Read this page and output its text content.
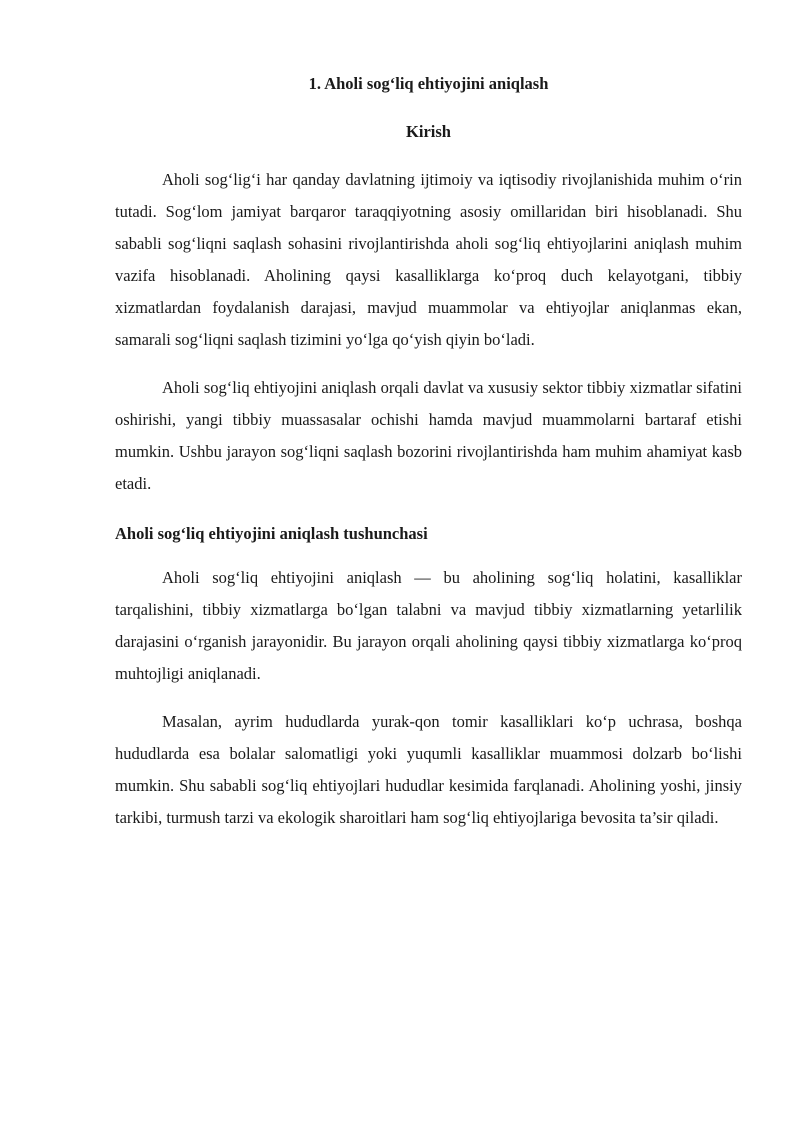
1. Aholi sog‘liq ehtiyojini aniqlash
Kirish

Aholi sog‘lig‘i har qanday davlatning ijtimoiy va iqtisodiy rivojlanishida muhim o‘rin tutadi. Sog‘lom jamiyat barqaror taraqqiyotning asosiy omillaridan biri hisoblanadi. Shu sababli sog‘liqni saqlash sohasini rivojlantirishda aholi sog‘liq ehtiyojlarini aniqlash muhim vazifa hisoblanadi. Aholining qaysi kasalliklarga ko‘proq duch kelayotgani, tibbiy xizmatlardan foydalanish darajasi, mavjud muammolar va ehtiyojlar aniqlanmas ekan, samarali sog‘liqni saqlash tizimini yo‘lga qo‘yish qiyin bo‘ladi.

Aholi sog‘liq ehtiyojini aniqlash orqali davlat va xususiy sektor tibbiy xizmatlar sifatini oshirishi, yangi tibbiy muassasalar ochishi hamda mavjud muammolarni bartaraf etishi mumkin. Ushbu jarayon sog‘liqni saqlash bozorini rivojlantirishda ham muhim ahamiyat kasb etadi.

Aholi sog‘liq ehtiyojini aniqlash tushunchasi

Aholi sog‘liq ehtiyojini aniqlash — bu aholining sog‘liq holatini, kasalliklar tarqalishini, tibbiy xizmatlarga bo‘lgan talabni va mavjud tibbiy xizmatlarning yetarlilik darajasini o‘rganish jarayonidir. Bu jarayon orqali aholining qaysi tibbiy xizmatlarga ko‘proq muhtojligi aniqlanadi.

Masalan, ayrim hududlarda yurak-qon tomir kasalliklari ko‘p uchrasa, boshqa hududlarda esa bolalar salomatligi yoki yuqumli kasalliklar muammosi dolzarb bo‘lishi mumkin. Shu sababli sog‘liq ehtiyojlari hududlar kesimida farqlanadi. Aholining yoshi, jinsiy tarkibi, turmush tarzi va ekologik sharoitlari ham sog‘liq ehtiyojlariga bevosita ta’sir qiladi.
